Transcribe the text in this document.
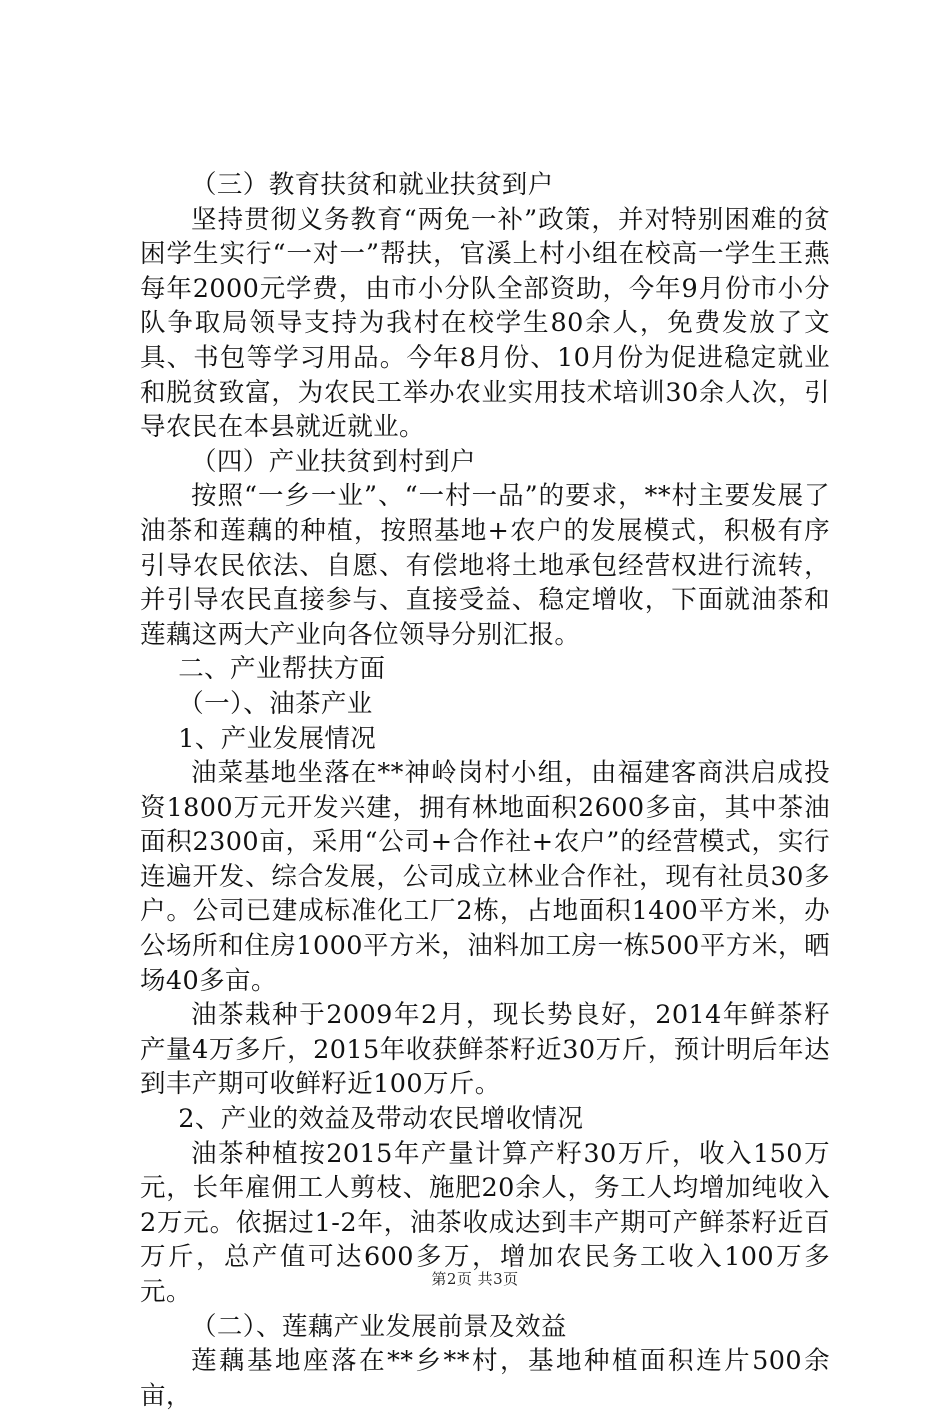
（三）教育扶贫和就业扶贫到户

坚持贯彻义务教育“两免一补”政策，并对特别困难的贫困学生实行“一对一”帮扶，官溪上村小组在校高一学生王燕每年2000元学费，由市小分队全部资助，今年9月份市小分队争取局领导支持为我村在校学生80余人，免费发放了文具、书包等学习用品。今年8月份、10月份为促进稳定就业和脱贫致富，为农民工举办农业实用技术培训30余人次，引导农民在本县就近就业。

（四）产业扶贫到村到户

按照“一乡一业”、“一村一品”的要求，**村主要发展了油茶和莲藕的种植，按照基地+农户的发展模式，积极有序引导农民依法、自愿、有偿地将土地承包经营权进行流转，并引导农民直接参与、直接受益、稳定增收，下面就油茶和莲藕这两大产业向各位领导分别汇报。

二、产业帮扶方面

（一）、油茶产业

1、产业发展情况

油菜基地坐落在**神岭岗村小组，由福建客商洪启成投资1800万元开发兴建，拥有林地面积2600多亩，其中茶油面积2300亩，采用“公司+合作社+农户”的经营模式，实行连遍开发、综合发展，公司成立林业合作社，现有社员30多户。公司已建成标准化工厂2栋，占地面积1400平方米，办公场所和住房1000平方米，油料加工房一栋500平方米，晒场40多亩。

油茶栽种于2009年2月，现长势良好，2014年鲜茶籽产量4万多斤，2015年收获鲜茶籽近30万斤，预计明后年达到丰产期可收鲜籽近100万斤。

2、产业的效益及带动农民增收情况

油茶种植按2015年产量计算产籽30万斤，收入150万元，长年雇佣工人剪枝、施肥20余人，务工人均增加纯收入2万元。依据过1-2年，油茶收成达到丰产期可产鲜茶籽近百万斤，总产值可达600多万，增加农民务工收入100万多元。

（二）、莲藕产业发展前景及效益

莲藕基地座落在**乡**村，基地种植面积连片500余亩，

第2页 共3页
